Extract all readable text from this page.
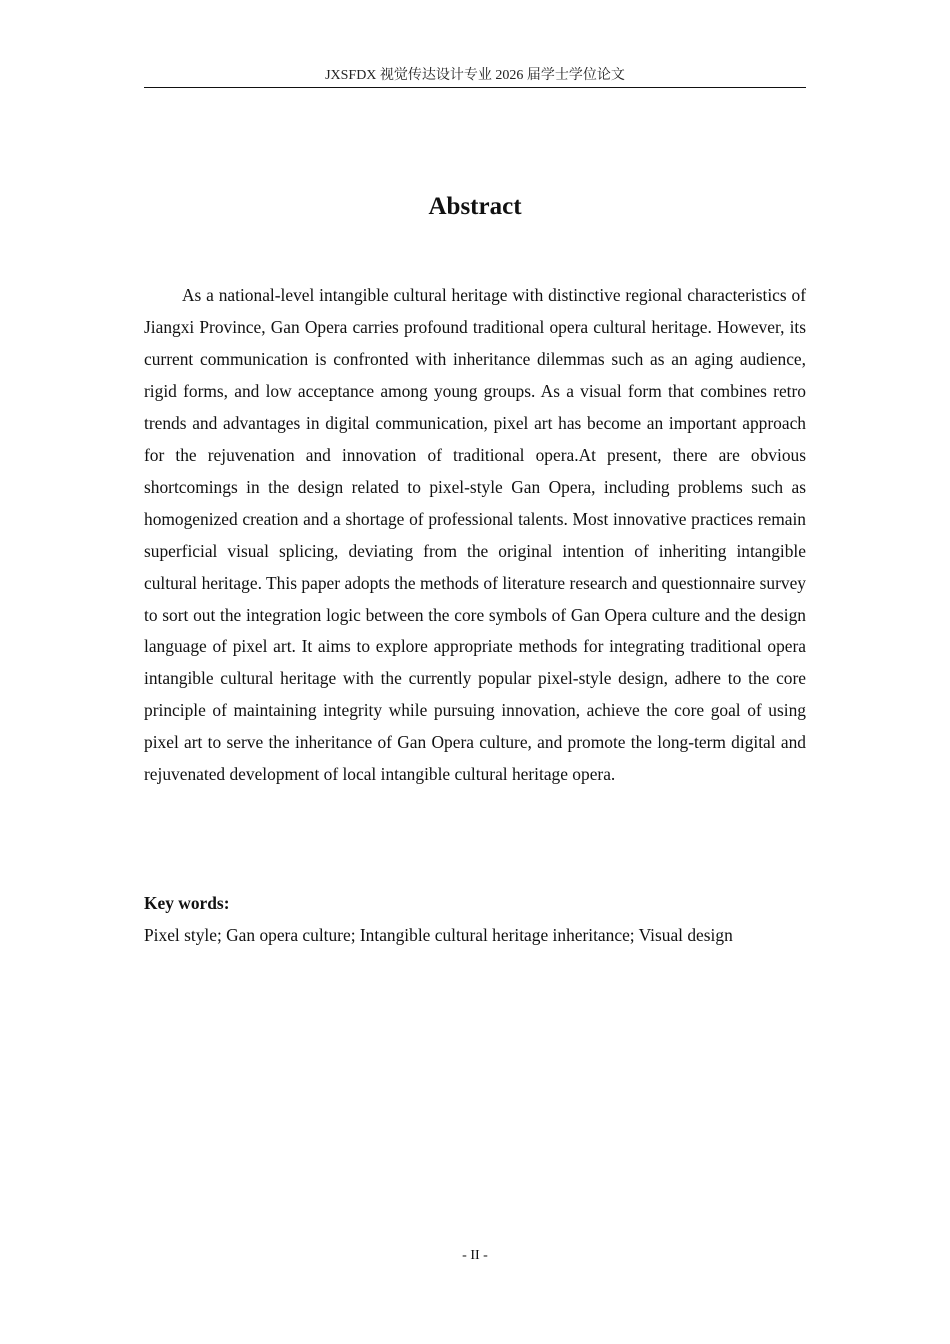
JXSFDX 视觉传达设计专业 2026 届学士学位论文
Abstract

As a national-level intangible cultural heritage with distinctive regional characteristics of Jiangxi Province, Gan Opera carries profound traditional opera cultural heritage. However, its current communication is confronted with inheritance dilemmas such as an aging audience, rigid forms, and low acceptance among young groups. As a visual form that combines retro trends and advantages in digital communication, pixel art has become an important approach for the rejuvenation and innovation of traditional opera.At present, there are obvious shortcomings in the design related to pixel-style Gan Opera, including problems such as homogenized creation and a shortage of professional talents. Most innovative practices remain superficial visual splicing, deviating from the original intention of inheriting intangible cultural heritage. This paper adopts the methods of literature research and questionnaire survey to sort out the integration logic between the core symbols of Gan Opera culture and the design language of pixel art. It aims to explore appropriate methods for integrating traditional opera intangible cultural heritage with the currently popular pixel-style design, adhere to the core principle of maintaining integrity while pursuing innovation, achieve the core goal of using pixel art to serve the inheritance of Gan Opera culture, and promote the long-term digital and rejuvenated development of local intangible cultural heritage opera.

Key words:
Pixel style; Gan opera culture; Intangible cultural heritage inheritance; Visual design
- II -
